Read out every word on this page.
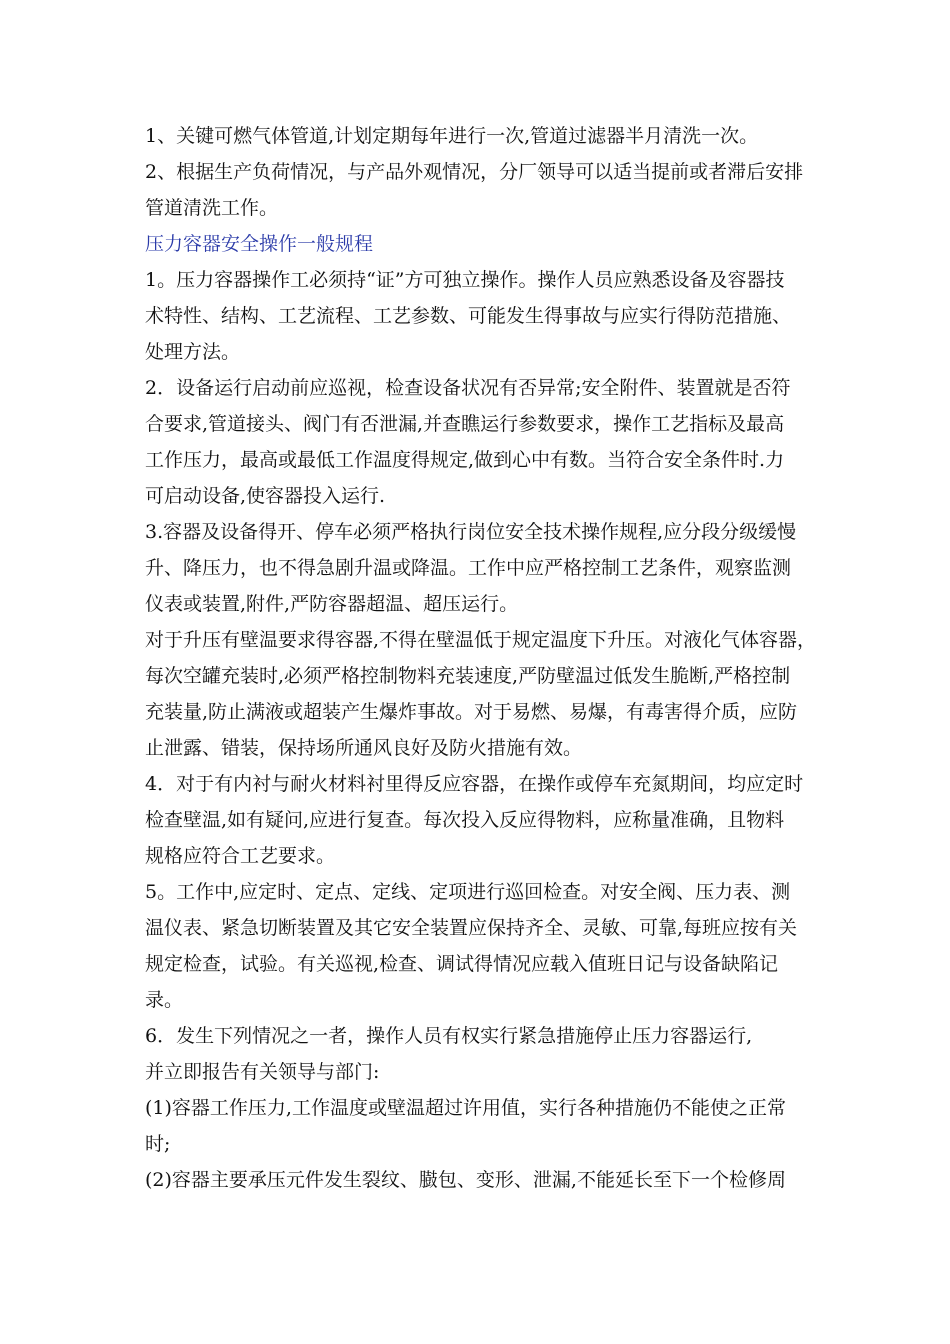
1、关键可燃气体管道,计划定期每年进行一次,管道过滤器半月清洗一次。
2、根据生产负荷情况，与产品外观情况，分厂领导可以适当提前或者滞后安排
管道清洗工作。
压力容器安全操作一般规程
1。压力容器操作工必须持“证”方可独立操作。操作人员应熟悉设备及容器技
术特性、结构、工艺流程、工艺参数、可能发生得事故与应实行得防范措施、
处理方法。
2．设备运行启动前应巡视，检查设备状况有否异常;安全附件、装置就是否符
合要求,管道接头、阀门有否泄漏,并查瞧运行参数要求，操作工艺指标及最高
工作压力，最高或最低工作温度得规定,做到心中有数。当符合安全条件时.力
可启动设备,使容器投入运行.
3.容器及设备得开、停车必须严格执行岗位安全技术操作规程,应分段分级缓慢
升、降压力，也不得急剧升温或降温。工作中应严格控制工艺条件，观察监测
仪表或装置,附件,严防容器超温、超压运行。
对于升压有壁温要求得容器,不得在壁温低于规定温度下升压。对液化气体容器，
每次空罐充装时,必须严格控制物料充装速度,严防壁温过低发生脆断,严格控制
充装量,防止满液或超装产生爆炸事故。对于易燃、易爆，有毒害得介质，应防
止泄露、错装，保持场所通风良好及防火措施有效。
4．对于有内衬与耐火材料衬里得反应容器，在操作或停车充氮期间，均应定时
检查壁温,如有疑问,应进行复查。每次投入反应得物料，应称量准确，且物料
规格应符合工艺要求。
5。工作中,应定时、定点、定线、定项进行巡回检查。对安全阀、压力表、测
温仪表、紧急切断装置及其它安全装置应保持齐全、灵敏、可靠,每班应按有关
规定检查，试验。有关巡视,检查、调试得情况应载入值班日记与设备缺陷记
录。
6．发生下列情况之一者，操作人员有权实行紧急措施停止压力容器运行,
并立即报告有关领导与部门:
(1)容器工作压力,工作温度或壁温超过许用值，实行各种措施仍不能使之正常
时;
(2)容器主要承压元件发生裂纹、臌包、变形、泄漏,不能延长至下一个检修周
